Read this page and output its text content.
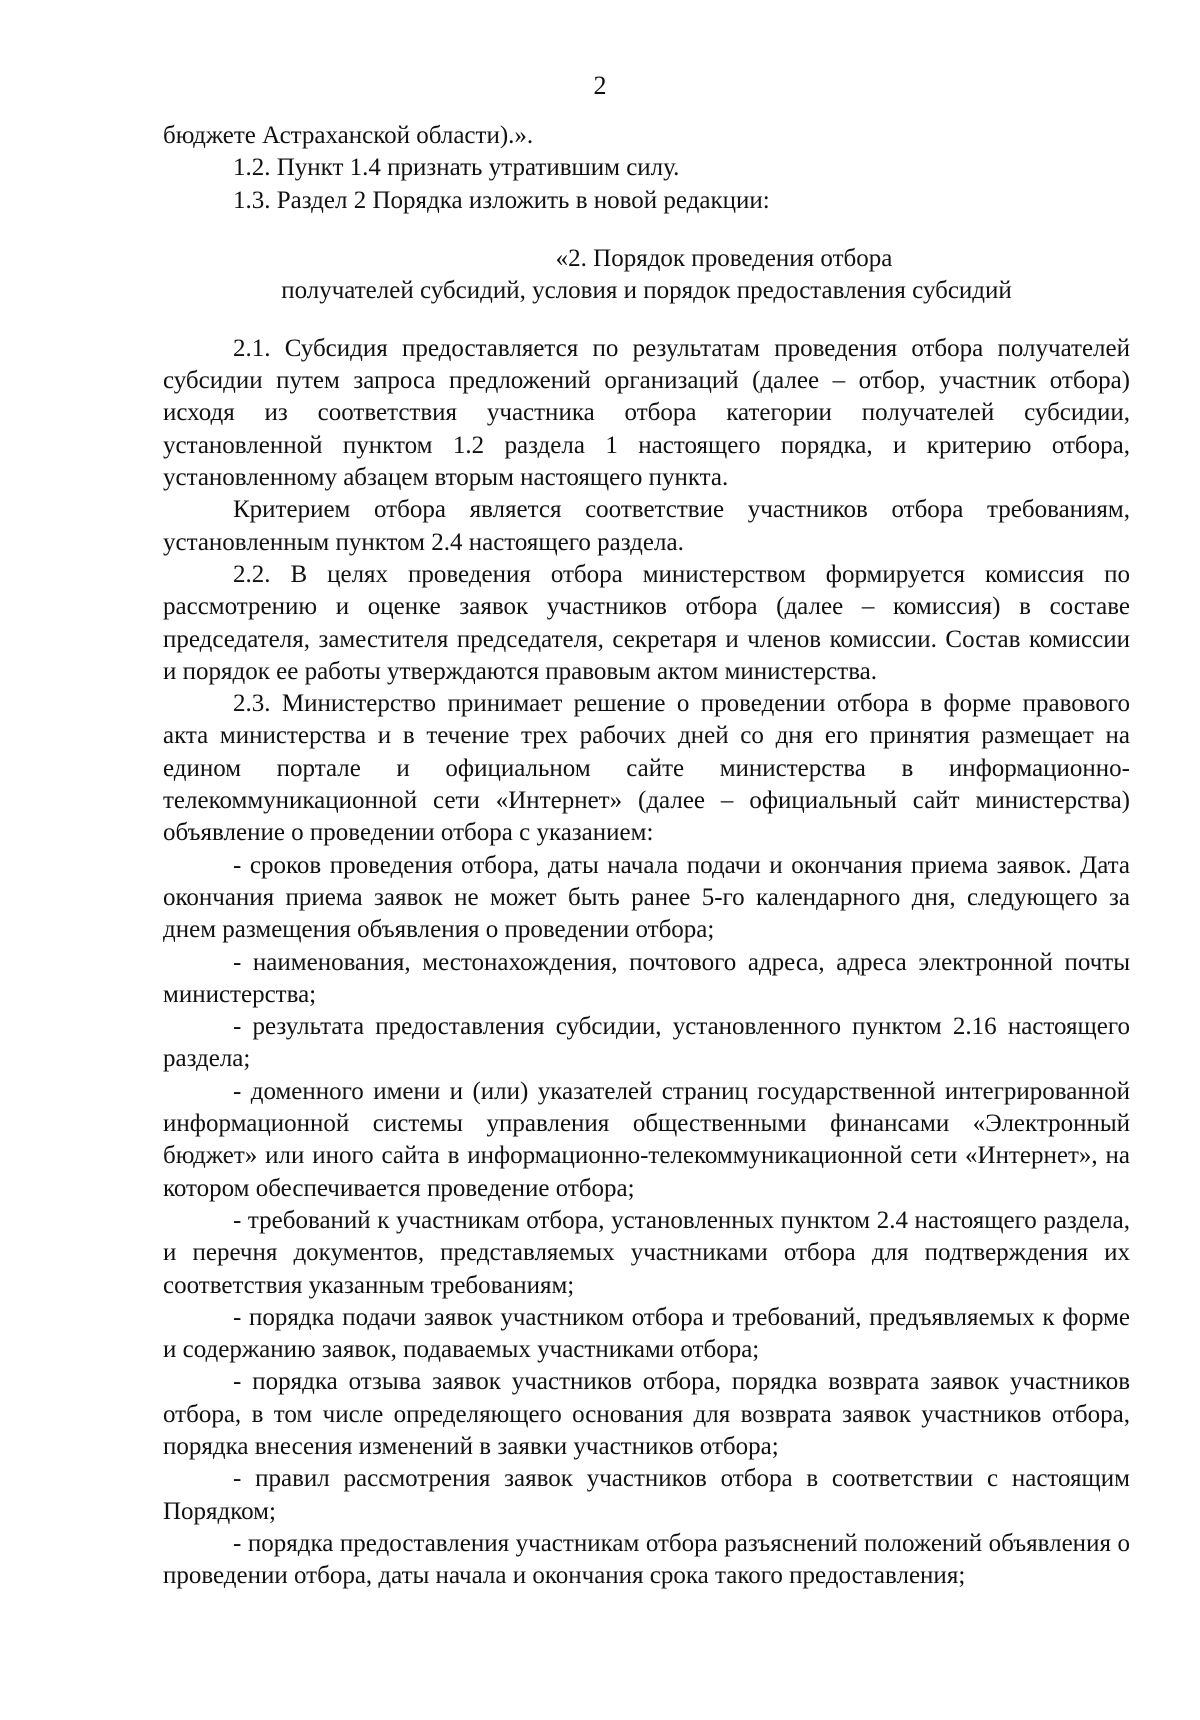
2

бюджете Астраханской области).».

1.2. Пункт 1.4 признать утратившим силу.

1.3. Раздел 2 Порядка изложить в новой редакции:

«2. Порядок проведения отбора
получателей субсидий, условия и порядок предоставления субсидий

2.1. Субсидия предоставляется по результатам проведения отбора получателей субсидии путем запроса предложений организаций (далее – отбор, участник отбора) исходя из соответствия участника отбора категории получателей субсидии, установленной пунктом 1.2 раздела 1 настоящего порядка, и критерию отбора, установленному абзацем вторым настоящего пункта.

Критерием отбора является соответствие участников отбора требованиям, установленным пунктом 2.4 настоящего раздела.

2.2. В целях проведения отбора министерством формируется комиссия по рассмотрению и оценке заявок участников отбора (далее – комиссия) в составе председателя, заместителя председателя, секретаря и членов комиссии. Состав комиссии и порядок ее работы утверждаются правовым актом министерства.

2.3. Министерство принимает решение о проведении отбора в форме правового акта министерства и в течение трех рабочих дней со дня его принятия размещает на едином портале и официальном сайте министерства в информационно-телекоммуникационной сети «Интернет» (далее – официальный сайт министерства) объявление о проведении отбора с указанием:

- сроков проведения отбора, даты начала подачи и окончания приема заявок. Дата окончания приема заявок не может быть ранее 5-го календарного дня, следующего за днем размещения объявления о проведении отбора;

- наименования, местонахождения, почтового адреса, адреса электронной почты министерства;

- результата предоставления субсидии, установленного пунктом 2.16 настоящего раздела;

- доменного имени и (или) указателей страниц государственной интегрированной информационной системы управления общественными финансами «Электронный бюджет» или иного сайта в информационно-телекоммуникационной сети «Интернет», на котором обеспечивается проведение отбора;

- требований к участникам отбора, установленных пунктом 2.4 настоящего раздела, и перечня документов, представляемых участниками отбора для подтверждения их соответствия указанным требованиям;

- порядка подачи заявок участником отбора и требований, предъявляемых к форме и содержанию заявок, подаваемых участниками отбора;

- порядка отзыва заявок участников отбора, порядка возврата заявок участников отбора, в том числе определяющего основания для возврата заявок участников отбора, порядка внесения изменений в заявки участников отбора;

- правил рассмотрения заявок участников отбора в соответствии с настоящим Порядком;

- порядка предоставления участникам отбора разъяснений положений объявления о проведении отбора, даты начала и окончания срока такого предоставления;
